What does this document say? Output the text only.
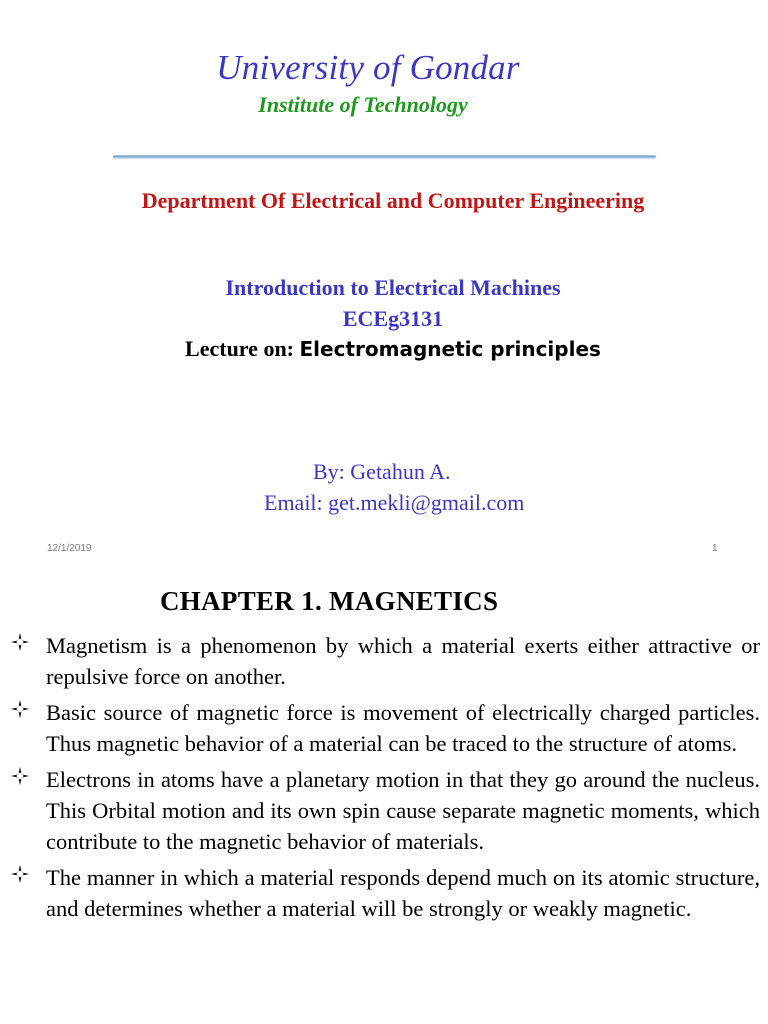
University of Gondar
Institute of Technology
Department Of Electrical and Computer Engineering
Introduction to Electrical Machines
ECEg3131
Lecture on: Electromagnetic principles
By: Getahun A.
Email: get.mekli@gmail.com
12/1/2019	1
CHAPTER 1. MAGNETICS
Magnetism is a phenomenon by which a material exerts either attractive or repulsive force on another.
Basic source of magnetic force is movement of electrically charged particles. Thus magnetic behavior of a material can be traced to the structure of atoms.
Electrons in atoms have a planetary motion in that they go around the nucleus. This Orbital motion and its own spin cause separate magnetic moments, which contribute to the magnetic behavior of materials.
The manner in which a material responds depend much on its atomic structure, and determines whether a material will be strongly or weakly magnetic.
